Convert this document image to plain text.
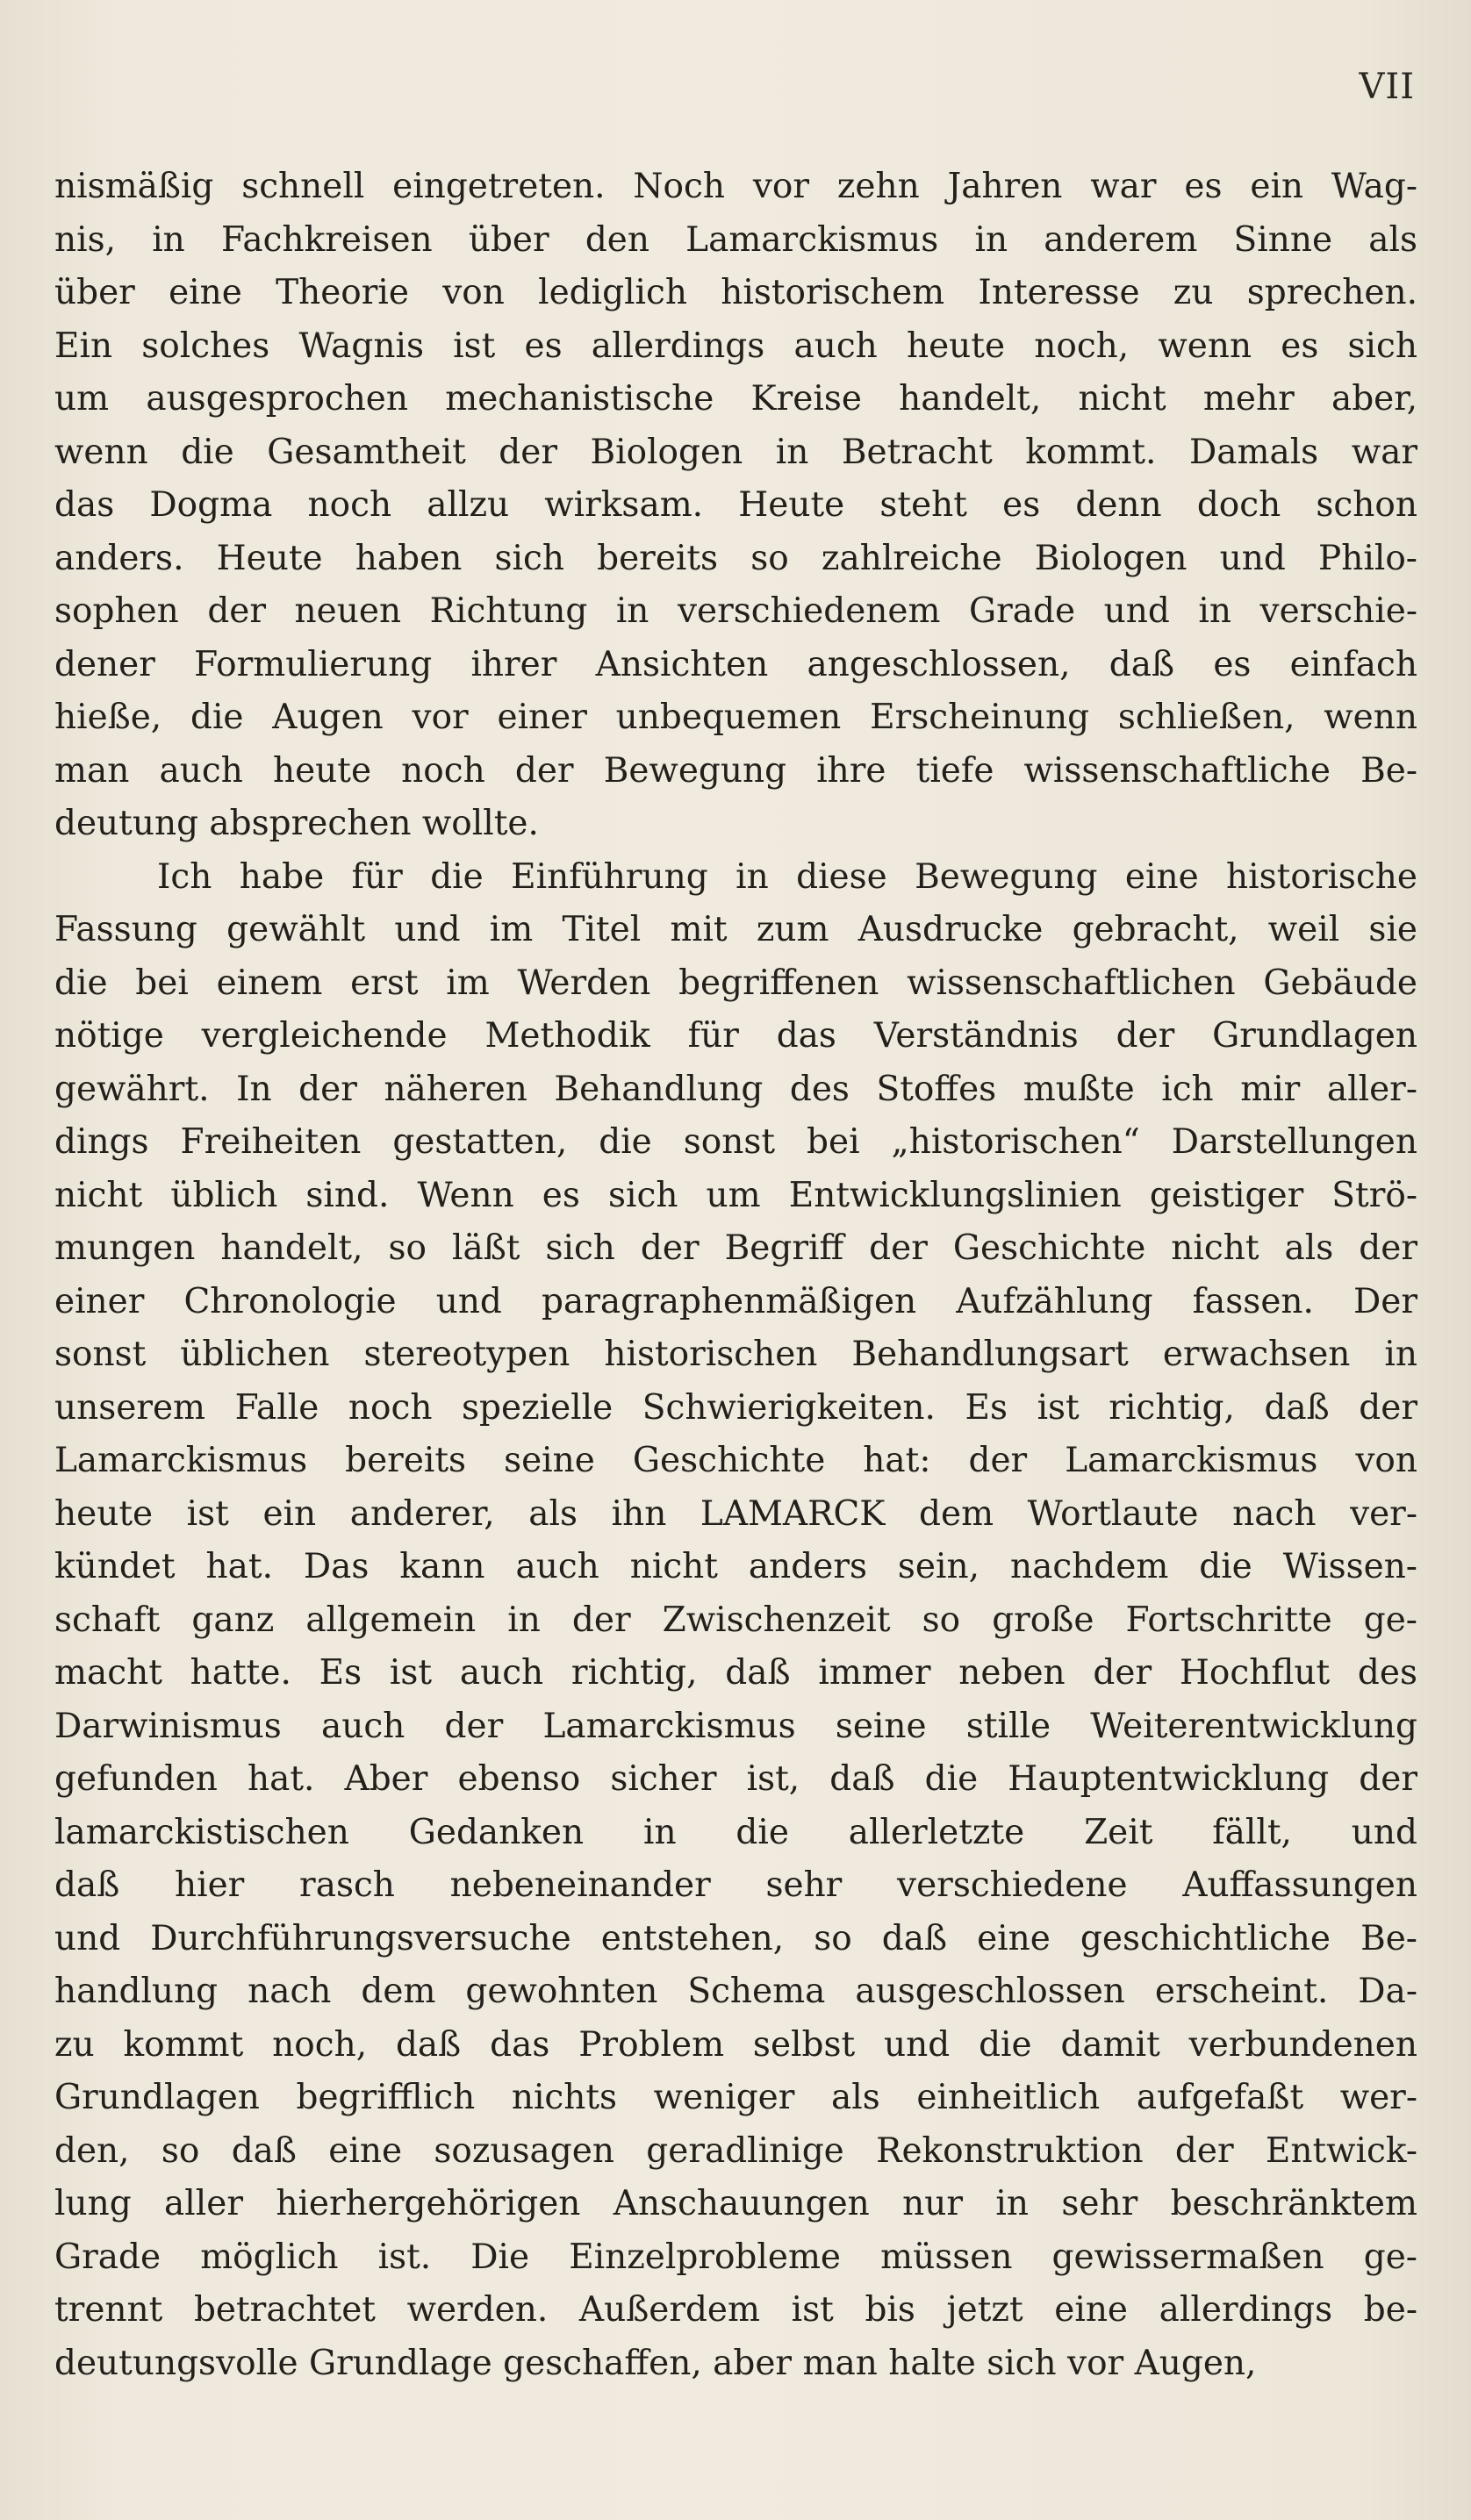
VII
nismäßig schnell eingetreten. Noch vor zehn Jahren war es ein Wag-
nis, in Fachkreisen über den Lamarckismus in anderem Sinne als
über eine Theorie von lediglich historischem Interesse zu sprechen.
Ein solches Wagnis ist es allerdings auch heute noch, wenn es sich
um ausgesprochen mechanistische Kreise handelt, nicht mehr aber,
wenn die Gesamtheit der Biologen in Betracht kommt. Damals war
das Dogma noch allzu wirksam. Heute steht es denn doch schon
anders. Heute haben sich bereits so zahlreiche Biologen und Philo-
sophen der neuen Richtung in verschiedenem Grade und in verschie-
dener Formulierung ihrer Ansichten angeschlossen, daß es einfach
hieße, die Augen vor einer unbequemen Erscheinung schließen, wenn
man auch heute noch der Bewegung ihre tiefe wissenschaftliche Be-
deutung absprechen wollte.
Ich habe für die Einführung in diese Bewegung eine historische
Fassung gewählt und im Titel mit zum Ausdrucke gebracht, weil sie
die bei einem erst im Werden begriffenen wissenschaftlichen Gebäude
nötige vergleichende Methodik für das Verständnis der Grundlagen
gewährt. In der näheren Behandlung des Stoffes mußte ich mir aller-
dings Freiheiten gestatten, die sonst bei „historischen“ Darstellungen
nicht üblich sind. Wenn es sich um Entwicklungslinien geistiger Strö-
mungen handelt, so läßt sich der Begriff der Geschichte nicht als der
einer Chronologie und paragraphenmäßigen Aufzählung fassen. Der
sonst üblichen stereotypen historischen Behandlungsart erwachsen in
unserem Falle noch spezielle Schwierigkeiten. Es ist richtig, daß der
Lamarckismus bereits seine Geschichte hat: der Lamarckismus von
heute ist ein anderer, als ihn LAMARCK dem Wortlaute nach ver-
kündet hat. Das kann auch nicht anders sein, nachdem die Wissen-
schaft ganz allgemein in der Zwischenzeit so große Fortschritte ge-
macht hatte. Es ist auch richtig, daß immer neben der Hochflut des
Darwinismus auch der Lamarckismus seine stille Weiterentwicklung
gefunden hat. Aber ebenso sicher ist, daß die Hauptentwicklung der
lamarckistischen Gedanken in die allerletzte Zeit fällt, und
daß hier rasch nebeneinander sehr verschiedene Auffassungen
und Durchführungsversuche entstehen, so daß eine geschichtliche Be-
handlung nach dem gewohnten Schema ausgeschlossen erscheint. Da-
zu kommt noch, daß das Problem selbst und die damit verbundenen
Grundlagen begrifflich nichts weniger als einheitlich aufgefaßt wer-
den, so daß eine sozusagen geradlinige Rekonstruktion der Entwick-
lung aller hierhergehörigen Anschauungen nur in sehr beschränktem
Grade möglich ist. Die Einzelprobleme müssen gewissermaßen ge-
trennt betrachtet werden. Außerdem ist bis jetzt eine allerdings be-
deutungsvolle Grundlage geschaffen, aber man halte sich vor Augen,
